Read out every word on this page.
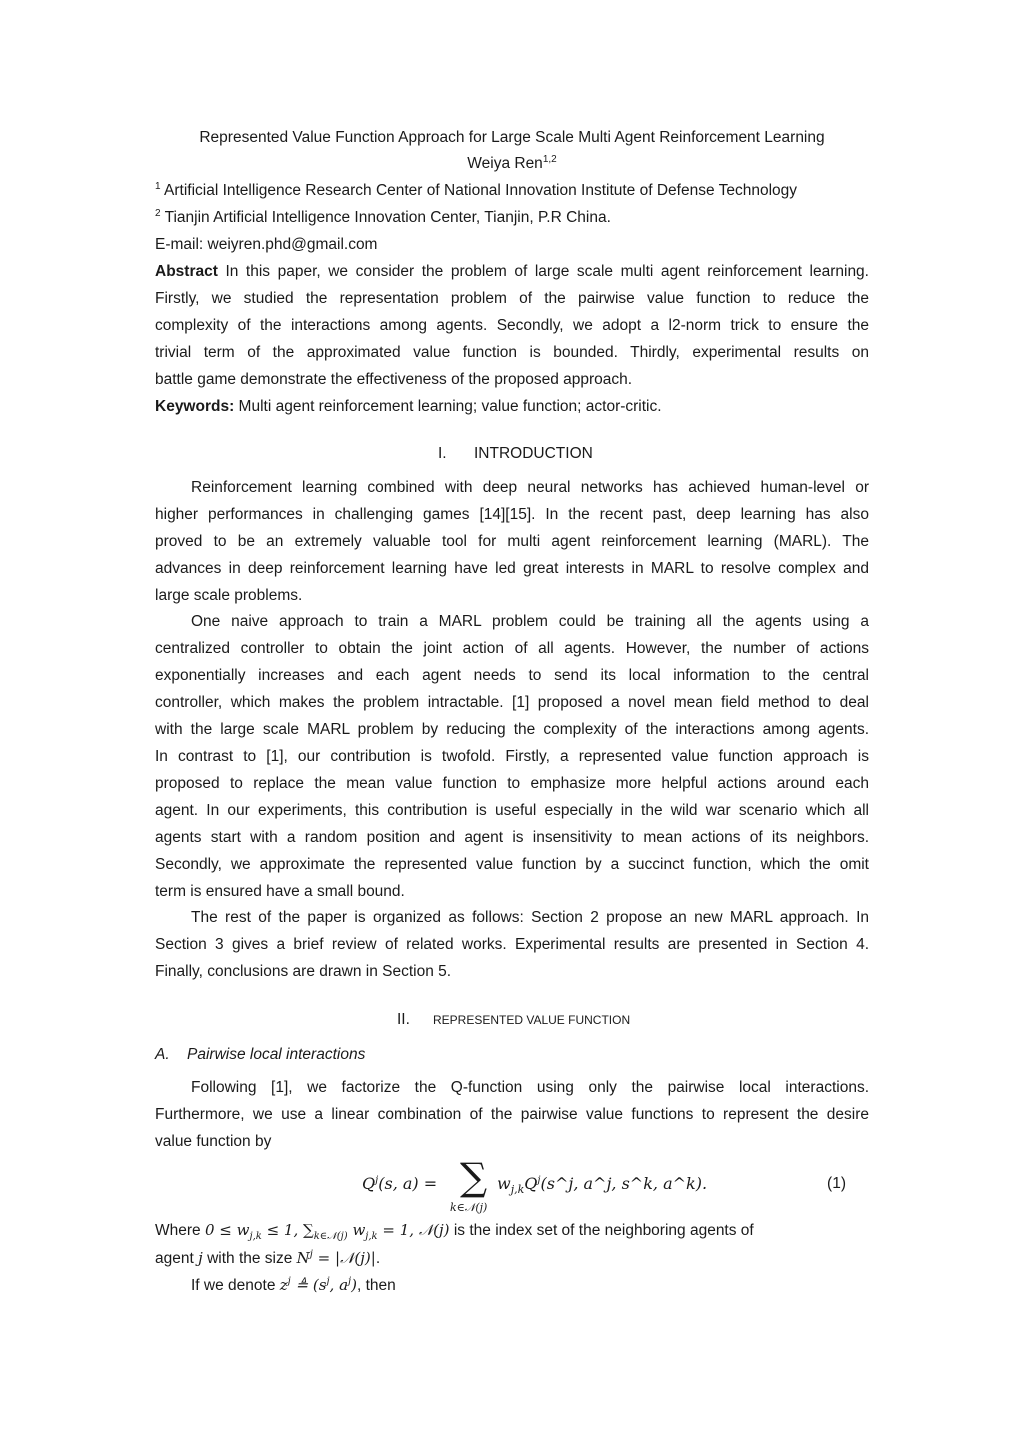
Represented Value Function Approach for Large Scale Multi Agent Reinforcement Learning
Weiya Ren$^{1,2}$
$^1$ Artificial Intelligence Research Center of National Innovation Institute of Defense Technology
$^2$ Tianjin Artificial Intelligence Innovation Center, Tianjin, P.R China.
E-mail: weiyren.phd@gmail.com
Abstract In this paper, we consider the problem of large scale multi agent reinforcement learning.
Firstly, we studied the representation problem of the pairwise value function to reduce the
complexity of the interactions among agents. Secondly, we adopt a l2-norm trick to ensure the
trivial term of the approximated value function is bounded. Thirdly, experimental results on
battle game demonstrate the effectiveness of the proposed approach.
Keywords: Multi agent reinforcement learning; value function; actor-critic.
I. INTRODUCTION
Reinforcement learning combined with deep neural networks has achieved human-level or
higher performances in challenging games [14][15]. In the recent past, deep learning has also
proved to be an extremely valuable tool for multi agent reinforcement learning (MARL). The
advances in deep reinforcement learning have led great interests in MARL to resolve complex and
large scale problems.
One naive approach to train a MARL problem could be training all the agents using a
centralized controller to obtain the joint action of all agents. However, the number of actions
exponentially increases and each agent needs to send its local information to the central
controller, which makes the problem intractable. [1] proposed a novel mean field method to deal
with the large scale MARL problem by reducing the complexity of the interactions among agents.
In contrast to [1], our contribution is twofold. Firstly, a represented value function approach is
proposed to replace the mean value function to emphasize more helpful actions around each
agent. In our experiments, this contribution is useful especially in the wild war scenario which all
agents start with a random position and agent is insensitivity to mean actions of its neighbors.
Secondly, we approximate the represented value function by a succinct function, which the omit
term is ensured have a small bound.
The rest of the paper is organized as follows: Section 2 propose an new MARL approach. In
Section 3 gives a brief review of related works. Experimental results are presented in Section 4.
Finally, conclusions are drawn in Section 5.
II. REPRESENTED VALUE FUNCTION
A. Pairwise local interactions
Following [1], we factorize the Q-function using only the pairwise local interactions.
Furthermore, we use a linear combination of the pairwise value functions to represent the desire
value function by
$Q^j(s$, a) = ∑
k∈𝒩(j)
$w_{j,k}Q^j(s\^{}j$, a^j, s^k, a^k).	(1)
Where $0 \le w_{j,k} \le 1$, $\sum_{k\in 𝒩(j)}$ $w_{j,k} = 1$, 𝒩(j) is the index set of the neighboring agents of
agent j with the size $N^j$ = |𝒩(j)|.
If we denote $z^j$ ≜ ($s^j$, $a^j$), then
